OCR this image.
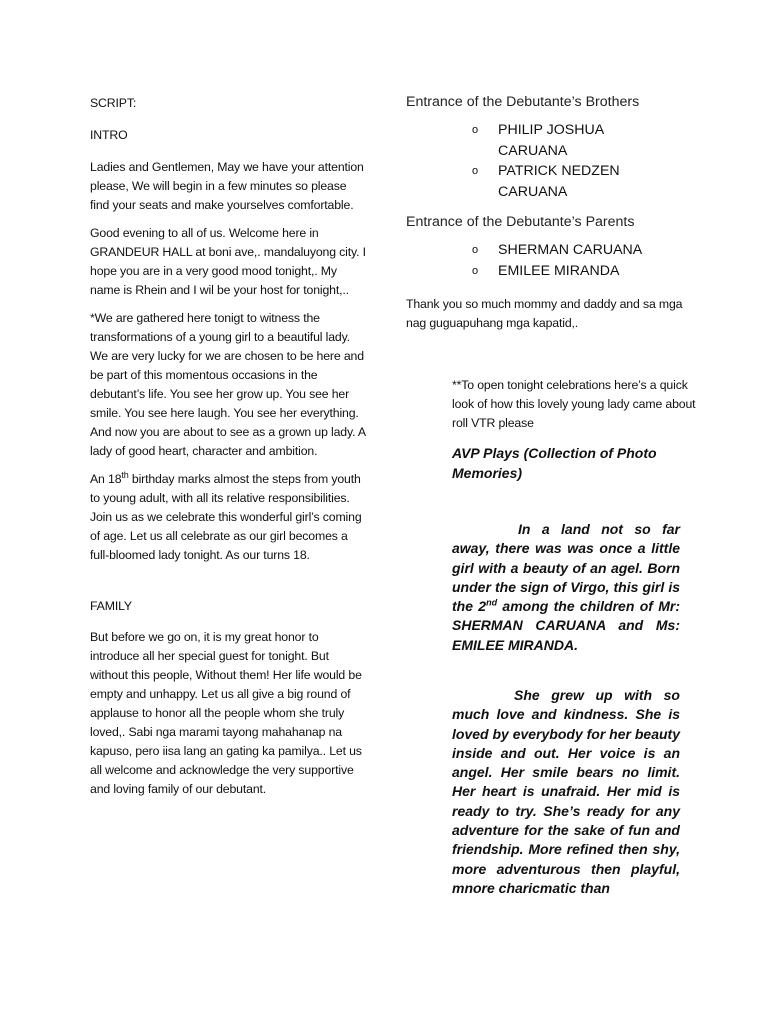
SCRIPT:

INTRO

Ladies and Gentlemen, May we have your attention please, We will begin in a few minutes so please find your seats and make yourselves comfortable.

Good evening to all of us. Welcome here in GRANDEUR HALL at boni ave,. mandaluyong city. I hope you are in a very good mood tonight,. My name is Rhein and I wil be your host for tonight,..

*We are gathered here tonigt to witness the transformations of a young girl to a beautiful lady. We are very lucky for we are chosen to be here and be part of this momentous occasions in the debutant’s life. You see her grow up. You see her smile. You see here laugh. You see her everything. And now you are about to see as a grown up lady. A lady of good heart, character and ambition.

An 18th birthday marks almost the steps from youth to young adult, with all its relative responsibilities. Join us as we celebrate this wonderful girl’s coming of age. Let us all celebrate as our girl becomes a full-bloomed lady tonight. As our turns 18.

FAMILY

But before we go on, it is my great honor to introduce all her special guest for tonight. But without this people, Without them! Her life would be empty and unhappy. Let us all give a big round of applause to honor all the people whom she truly loved,. Sabi nga marami tayong mahahanap na kapuso, pero iisa lang an gating ka pamilya.. Let us all welcome and acknowledge the very supportive and loving family of our debutant.

Entrance of the Debutante’s Brothers
o PHILIP JOSHUA CARUANA
o PATRICK NEDZEN CARUANA
Entrance of the Debutante’s Parents
o SHERMAN CARUANA
o EMILEE MIRANDA

Thank you so much mommy and daddy and sa mga nag guguapuhang mga kapatid,.

**To open tonight celebrations here’s a quick look of how this lovely young lady came about roll VTR please
AVP Plays (Collection of Photo Memories)
In a land not so far away, there was was once a little girl with a beauty of an agel. Born under the sign of Virgo, this girl is the 2nd among the children of Mr: SHERMAN CARUANA and Ms: EMILEE MIRANDA.
She grew up with so much love and kindness. She is loved by everybody for her beauty inside and out. Her voice is an angel. Her smile bears no limit. Her heart is unafraid. Her mid is ready to try. She’s ready for any adventure for the sake of fun and friendship. More refined then shy, more adventurous then playful, mnore charicmatic than
